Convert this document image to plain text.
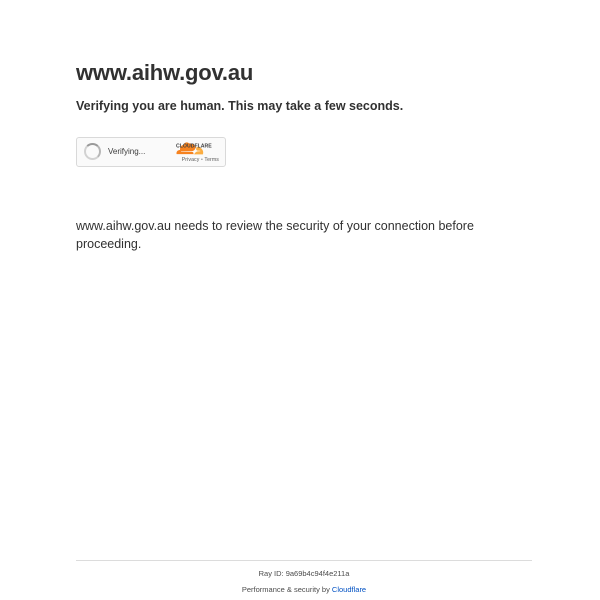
www.aihw.gov.au

Verifying you are human. This may take a few seconds.

Verifying...
CLOUDFLARE
Privacy • Terms

www.aihw.gov.au needs to review the security of your connection before proceeding.

Ray ID: 9a69b4c94f4e211a
Performance & security by Cloudflare
